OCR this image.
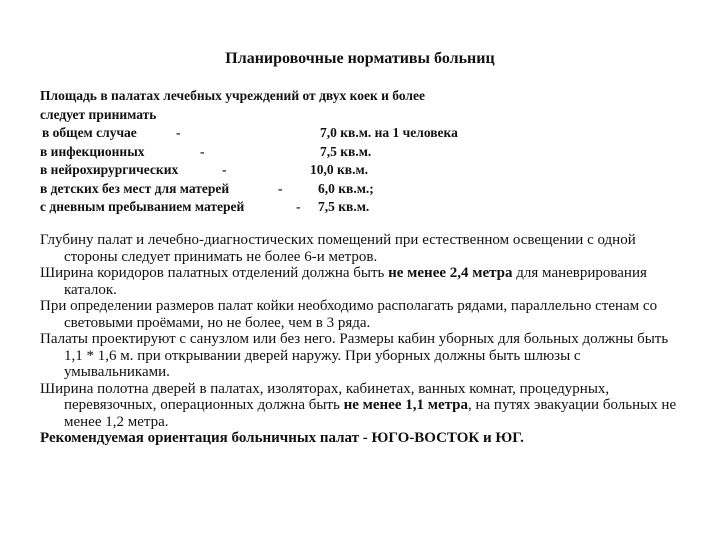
Планировочные нормативы больниц
Площадь в палатах лечебных учреждений от двух коек и более
следует принимать
в общем случае	-	7,0 кв.м. на 1 человека
в инфекционных	-	7,5 кв.м.
в нейрохирургических	-	10,0 кв.м.
в детских без мест для матерей	-	6,0 кв.м.;
с дневным пребыванием матерей	- 7,5 кв.м.

Глубину палат и лечебно-диагностических помещений при естественном освещении с одной стороны следует принимать не более 6-и метров.

Ширина коридоров палатных отделений должна быть не менее 2,4 метра для маневрирования каталок.

При определении размеров палат койки необходимо располагать рядами, параллельно стенам со световыми проёмами, но не более, чем в 3 ряда.

Палаты проектируют с санузлом или без него. Размеры кабин уборных для больных должны быть 1,1 * 1,6 м. при открывании дверей наружу. При уборных должны быть шлюзы с умывальниками.

Ширина полотна дверей в палатах, изоляторах, кабинетах, ванных комнат, процедурных, перевязочных, операционных должна быть не менее 1,1 метра, на путях эвакуации больных не менее 1,2 метра.

Рекомендуемая ориентация больничных палат - ЮГО-ВОСТОК и ЮГ.
